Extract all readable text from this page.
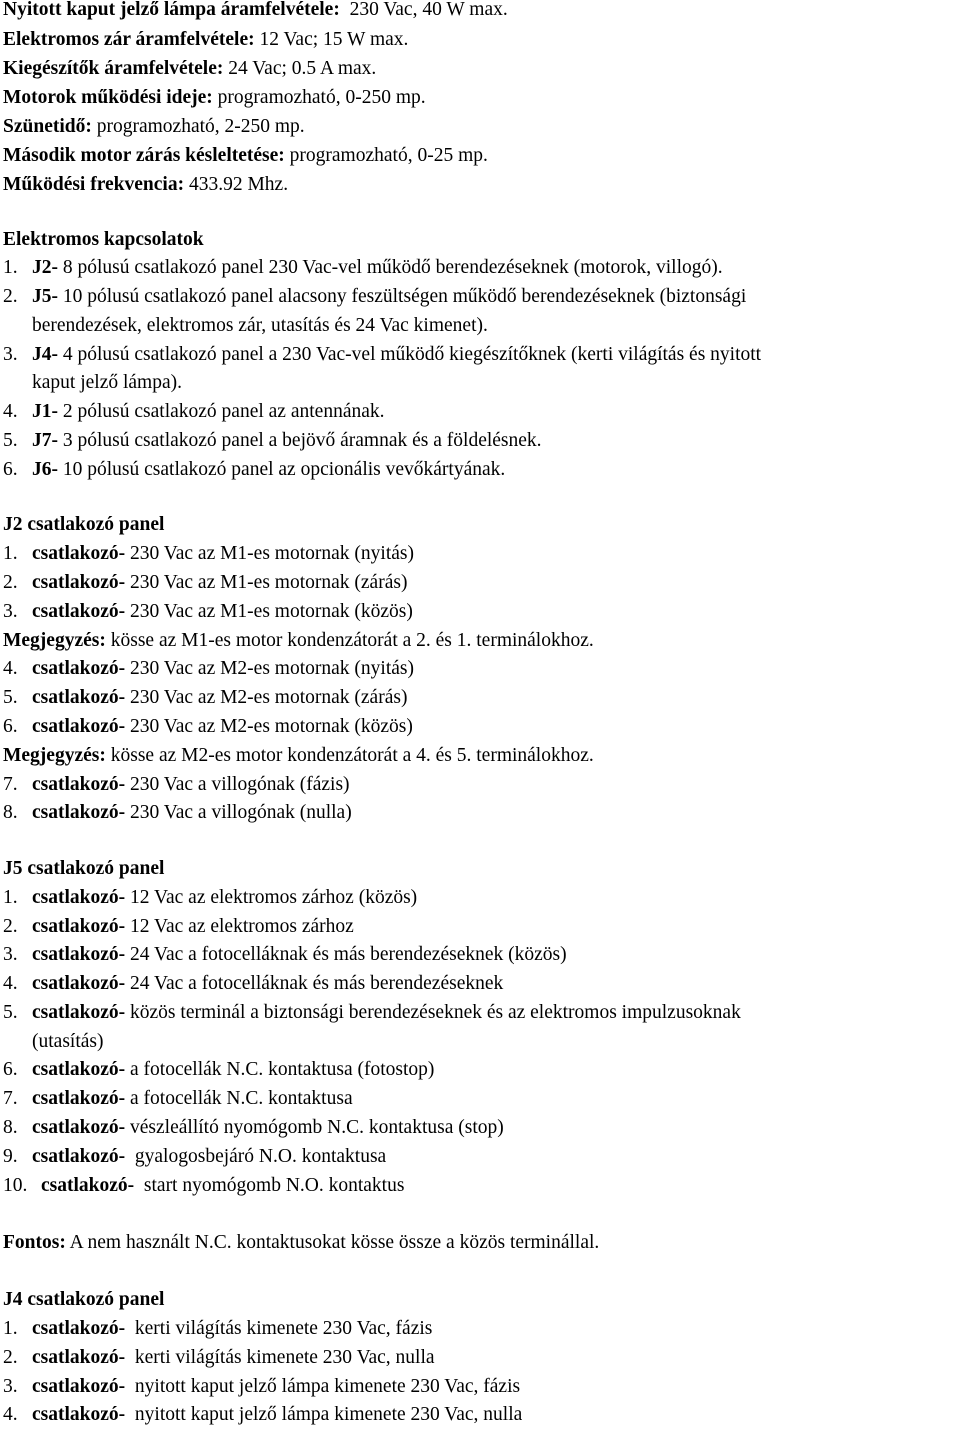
Nyitott kaput jelző lámpa áramfelvétele:  230 Vac, 40 W max.
Elektromos zár áramfelvétele: 12 Vac; 15 W max.
Kiegészítők áramfelvétele: 24 Vac; 0.5 A max.
Motorok működési ideje: programozható, 0-250 mp.
Szünetidő: programozható, 2-250 mp.
Második motor zárás késleltetése: programozható, 0-25 mp.
Működési frekvencia: 433.92 Mhz.
Elektromos kapcsolatok
1. J2- 8 pólusú csatlakozó panel 230 Vac-vel működő berendezéseknek (motorok, villogó).
2. J5- 10 pólusú csatlakozó panel alacsony feszültségen működő berendezéseknek (biztonsági
berendezések, elektromos zár, utasítás és 24 Vac kimenet).
3. J4- 4 pólusú csatlakozó panel a 230 Vac-vel működő kiegészítőknek (kerti világítás és nyitott
kaput jelző lámpa).
4. J1- 2 pólusú csatlakozó panel az antennának.
5. J7- 3 pólusú csatlakozó panel a bejövő áramnak és a földelésnek.
6. J6- 10 pólusú csatlakozó panel az opcionális vevőkártyának.
J2 csatlakozó panel
1. csatlakozó- 230 Vac az M1-es motornak (nyitás)
2. csatlakozó- 230 Vac az M1-es motornak (zárás)
3. csatlakozó- 230 Vac az M1-es motornak (közös)
Megjegyzés: kösse az M1-es motor kondenzátorát a 2. és 1. terminálokhoz.
4. csatlakozó- 230 Vac az M2-es motornak (nyitás)
5. csatlakozó- 230 Vac az M2-es motornak (zárás)
6. csatlakozó- 230 Vac az M2-es motornak (közös)
Megjegyzés: kösse az M2-es motor kondenzátorát a 4. és 5. terminálokhoz.
7. csatlakozó- 230 Vac a villogónak (fázis)
8. csatlakozó- 230 Vac a villogónak (nulla)
J5 csatlakozó panel
1. csatlakozó- 12 Vac az elektromos zárhoz (közös)
2. csatlakozó- 12 Vac az elektromos zárhoz
3. csatlakozó- 24 Vac a fotocelláknak és más berendezéseknek (közös)
4. csatlakozó- 24 Vac a fotocelláknak és más berendezéseknek
5. csatlakozó- közös terminál a biztonsági berendezéseknek és az elektromos impulzusoknak
(utasítás)
6. csatlakozó- a fotocellák N.C. kontaktusa (fotostop)
7. csatlakozó- a fotocellák N.C. kontaktusa
8. csatlakozó- vészleállító nyomógomb N.C. kontaktusa (stop)
9. csatlakozó-  gyalogosbejáró N.O. kontaktusa
10. csatlakozó-  start nyomógomb N.O. kontaktus
Fontos: A nem használt N.C. kontaktusokat kösse össze a közös terminállal.
J4 csatlakozó panel
1. csatlakozó-  kerti világítás kimenete 230 Vac, fázis
2. csatlakozó-  kerti világítás kimenete 230 Vac, nulla
3. csatlakozó-  nyitott kaput jelző lámpa kimenete 230 Vac, fázis
4. csatlakozó-  nyitott kaput jelző lámpa kimenete 230 Vac, nulla
